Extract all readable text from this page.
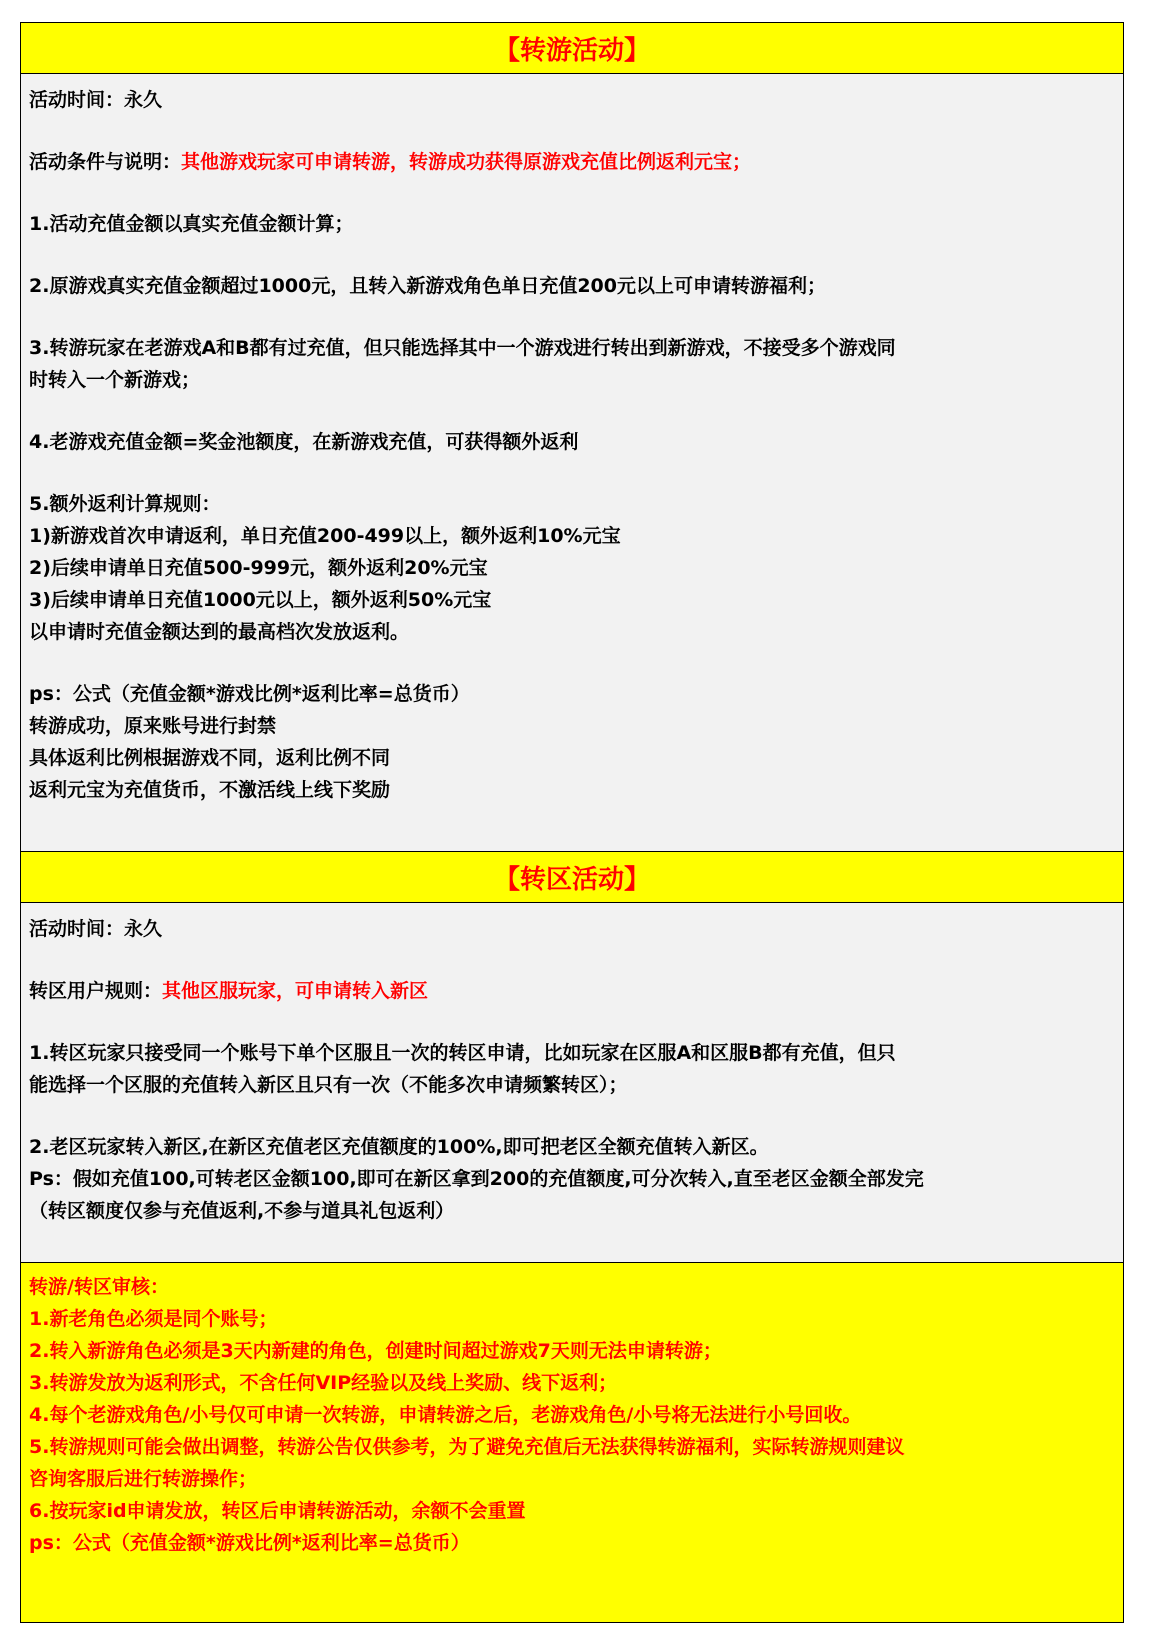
【转游活动】
活动时间：永久
活动条件与说明：其他游戏玩家可申请转游，转游成功获得原游戏充值比例返利元宝；
1.活动充值金额以真实充值金额计算；
2.原游戏真实充值金额超过1000元，且转入新游戏角色单日充值200元以上可申请转游福利；
3.转游玩家在老游戏A和B都有过充值，但只能选择其中一个游戏进行转出到新游戏，不接受多个游戏同
时转入一个新游戏；
4.老游戏充值金额=奖金池额度，在新游戏充值，可获得额外返利
5.额外返利计算规则：
1)新游戏首次申请返利，单日充值200-499以上，额外返利10%元宝
2)后续申请单日充值500-999元，额外返利20%元宝
3)后续申请单日充值1000元以上，额外返利50%元宝
以申请时充值金额达到的最高档次发放返利。
ps：公式（充值金额*游戏比例*返利比率=总货币）
转游成功，原来账号进行封禁
具体返利比例根据游戏不同，返利比例不同
返利元宝为充值货币，不激活线上线下奖励
【转区活动】
活动时间：永久
转区用户规则：其他区服玩家，可申请转入新区
1.转区玩家只接受同一个账号下单个区服且一次的转区申请，比如玩家在区服A和区服B都有充值，但只
能选择一个区服的充值转入新区且只有一次（不能多次申请频繁转区）；
2.老区玩家转入新区,在新区充值老区充值额度的100%,即可把老区全额充值转入新区。
Ps：假如充值100,可转老区金额100,即可在新区拿到200的充值额度,可分次转入,直至老区金额全部发完
（转区额度仅参与充值返利,不参与道具礼包返利）
转游/转区审核：
1.新老角色必须是同个账号；
2.转入新游角色必须是3天内新建的角色，创建时间超过游戏7天则无法申请转游；
3.转游发放为返利形式，不含任何VIP经验以及线上奖励、线下返利；
4.每个老游戏角色/小号仅可申请一次转游，申请转游之后，老游戏角色/小号将无法进行小号回收。
5.转游规则可能会做出调整，转游公告仅供参考，为了避免充值后无法获得转游福利，实际转游规则建议
咨询客服后进行转游操作；
6.按玩家id申请发放，转区后申请转游活动，余额不会重置
ps：公式（充值金额*游戏比例*返利比率=总货币）
